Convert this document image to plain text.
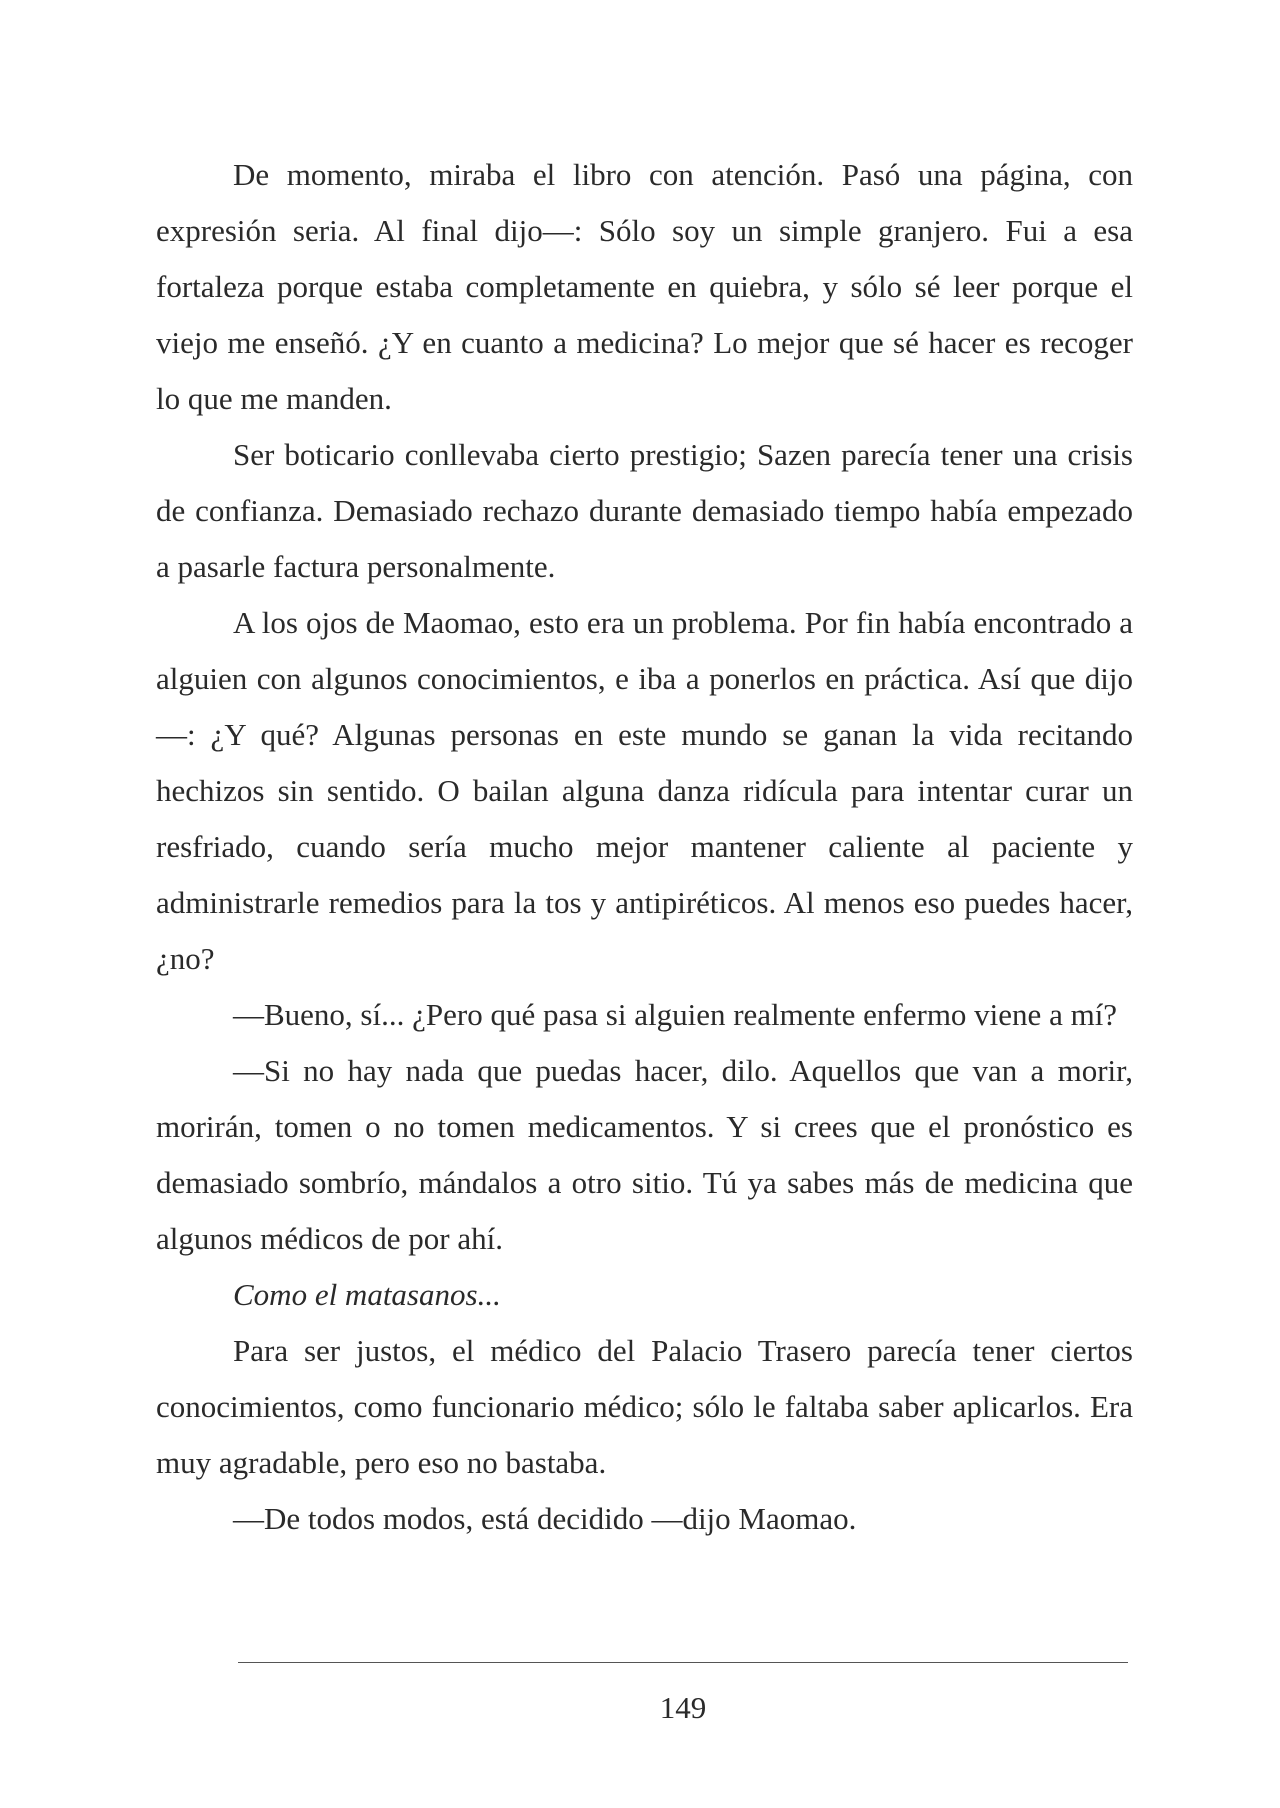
De momento, miraba el libro con atención. Pasó una página, con expresión seria. Al final dijo—: Sólo soy un simple granjero. Fui a esa fortaleza porque estaba completamente en quiebra, y sólo sé leer porque el viejo me enseñó. ¿Y en cuanto a medicina? Lo mejor que sé hacer es recoger lo que me manden.

Ser boticario conllevaba cierto prestigio; Sazen parecía tener una crisis de confianza. Demasiado rechazo durante demasiado tiempo había empezado a pasarle factura personalmente.

A los ojos de Maomao, esto era un problema. Por fin había encontrado a alguien con algunos conocimientos, e iba a ponerlos en práctica. Así que dijo—: ¿Y qué? Algunas personas en este mundo se ganan la vida recitando hechizos sin sentido. O bailan alguna danza ridícula para intentar curar un resfriado, cuando sería mucho mejor mantener caliente al paciente y administrarle remedios para la tos y antipiréticos. Al menos eso puedes hacer, ¿no?

—Bueno, sí... ¿Pero qué pasa si alguien realmente enfermo viene a mí?

—Si no hay nada que puedas hacer, dilo. Aquellos que van a morir, morirán, tomen o no tomen medicamentos. Y si crees que el pronóstico es demasiado sombrío, mándalos a otro sitio. Tú ya sabes más de medicina que algunos médicos de por ahí.

Como el matasanos...

Para ser justos, el médico del Palacio Trasero parecía tener ciertos conocimientos, como funcionario médico; sólo le faltaba saber aplicarlos. Era muy agradable, pero eso no bastaba.

—De todos modos, está decidido —dijo Maomao.

149
